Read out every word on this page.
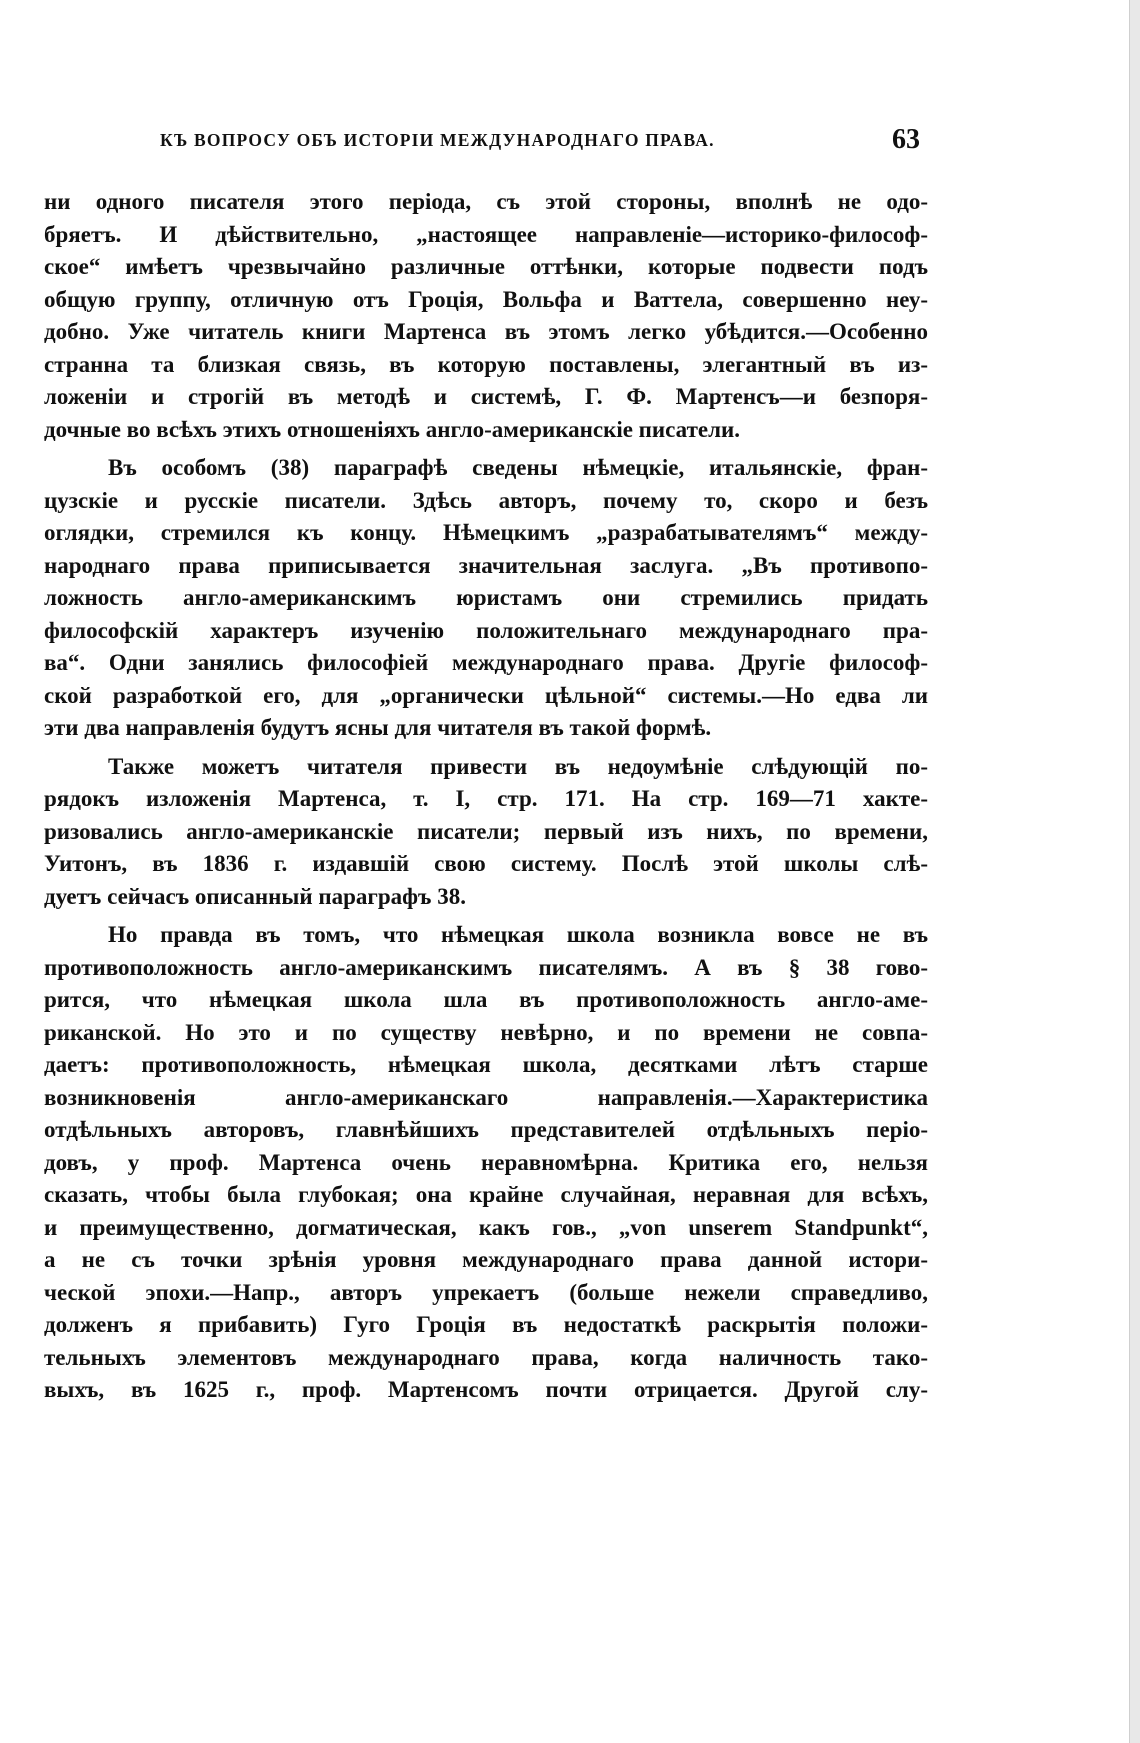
КЪ ВОПРОСУ ОБЪ ИСТОРІИ МЕЖДУНАРОДНАГО ПРАВА.	63
ни одного писателя этого періода, съ этой стороны, вполнѣ не одо-
бряетъ. И дѣйствительно, „настоящее направленіе—историко-философ-
ское“ имѣетъ чрезвычайно различные оттѣнки, которые подвести подъ
общую группу, отличную отъ Гроція, Вольфа и Ваттела, совершенно неу-
добно. Уже читатель книги Мартенса въ этомъ легко убѣдится.—Особенно
странна та близкая связь, въ которую поставлены, элегантный въ из-
ложеніи и строгій въ методѣ и системѣ, Г. Ф. Мартенсъ—и безпоря-
дочные во всѣхъ этихъ отношеніяхъ англо-американскіе писатели.
Въ особомъ (38) параграфѣ сведены нѣмецкіе, итальянскіе, фран-
цузскіе и русскіе писатели. Здѣсь авторъ, почему то, скоро и безъ
оглядки, стремился къ концу. Нѣмецкимъ „разрабатывателямъ“ между-
народнаго права приписывается значительная заслуга. „Въ противопо-
ложность англо-американскимъ юристамъ они стремились придать
философскій характеръ изученію положительнаго международнаго пра-
ва“. Одни занялись философіей международнаго права. Другіе философ-
ской разработкой его, для „органически цѣльной“ системы.—Но едва ли
эти два направленія будутъ ясны для читателя въ такой формѣ.
Также можетъ читателя привести въ недоумѣніе слѣдующій по-
рядокъ изложенія Мартенса, т. I, стр. 171. На стр. 169—71 хакте-
ризовались англо-американскіе писатели; первый изъ нихъ, по времени,
Уитонъ, въ 1836 г. издавшій свою систему. Послѣ этой школы слѣ-
дуетъ сейчасъ описанный параграфъ 38.
Но правда въ томъ, что нѣмецкая школа возникла вовсе не въ
противоположность англо-американскимъ писателямъ. А въ § 38 гово-
рится, что нѣмецкая школа шла въ противоположность англо-аме-
риканской. Но это и по существу невѣрно, и по времени не совпа-
даетъ: противоположность, нѣмецкая школа, десятками лѣтъ старше
возникновенія англо-американскаго направленія.—Характеристика
отдѣльныхъ авторовъ, главнѣйшихъ представителей отдѣльныхъ періо-
довъ, у проф. Мартенса очень неравномѣрна. Критика его, нельзя
сказать, чтобы была глубокая; она крайне случайная, неравная для всѣхъ,
и преимущественно, догматическая, какъ гов., „von unserem Standpunkt“,
а не съ точки зрѣнія уровня международнаго права данной истори-
ческой эпохи.—Напр., авторъ упрекаетъ (больше нежели справедливо,
долженъ я прибавить) Гуго Гроція въ недостаткѣ раскрытія положи-
тельныхъ элементовъ международнаго права, когда наличность тако-
выхъ, въ 1625 г., проф. Мартенсомъ почти отрицается. Другой слу-
